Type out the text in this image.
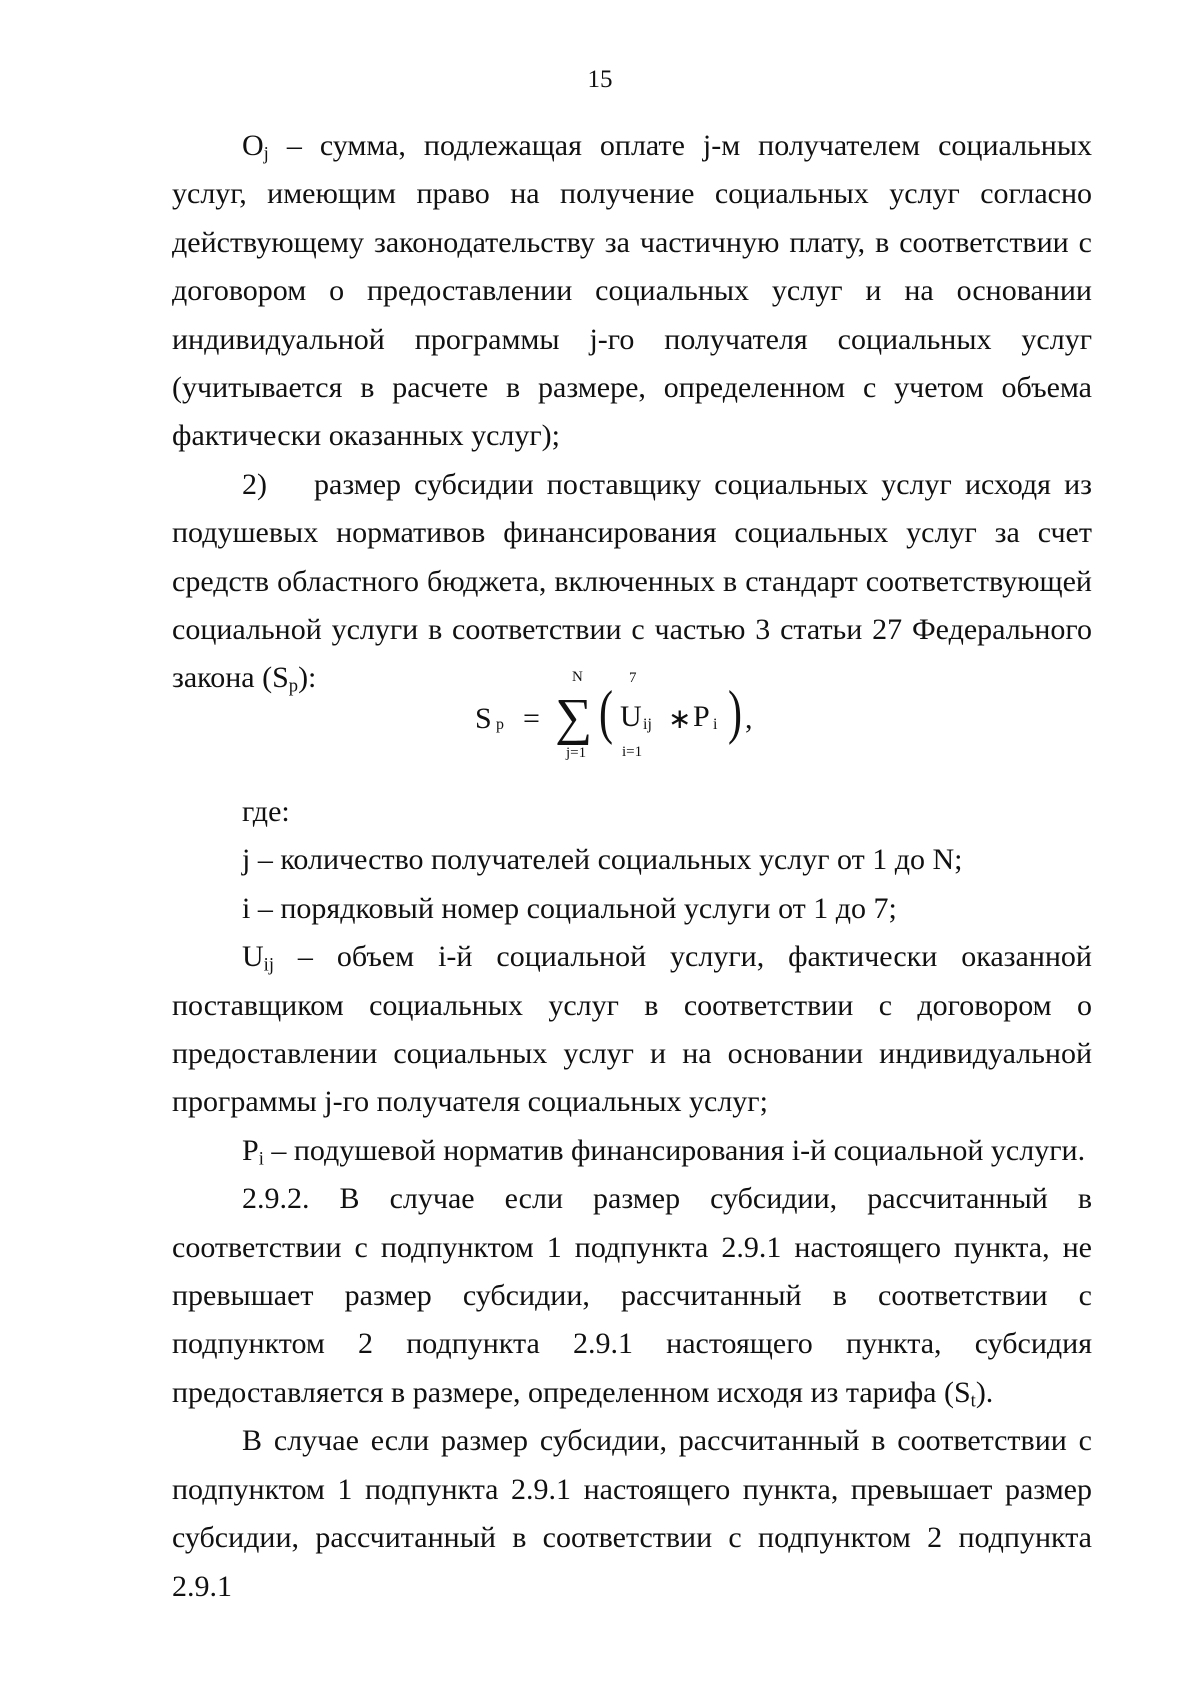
15

$O_j$ – сумма, подлежащая оплате j-м получателем социальных услуг, имеющим право на получение социальных услуг согласно действующему законодательству за частичную плату, в соответствии с договором о предоставлении социальных услуг и на основании индивидуальной программы j-го получателя социальных услуг (учитывается в расчете в размере, определенном с учетом объема фактически оказанных услуг);

2) размер субсидии поставщику социальных услуг исходя из подушевых нормативов финансирования социальных услуг за счет средств областного бюджета, включенных в стандарт соответствующей социальной услуги в соответствии с частью 3 статьи 27 Федерального закона $(S_p)$:

S p =
N
∑
j=1
(
7
U ij
i=1
∗ P i ) ,

где:

j – количество получателей социальных услуг от 1 до N;

i – порядковый номер социальной услуги от 1 до 7;

$U_{ij}$ – объем i-й социальной услуги, фактически оказанной поставщиком социальных услуг в соответствии с договором о предоставлении социальных услуг и на основании индивидуальной программы j-го получателя социальных услуг;

$P_i$ – подушевой норматив финансирования i-й социальной услуги.

2.9.2. В случае если размер субсидии, рассчитанный в соответствии с подпунктом 1 подпункта 2.9.1 настоящего пункта, не превышает размер субсидии, рассчитанный в соответствии с подпунктом 2 подпункта 2.9.1 настоящего пункта, субсидия предоставляется в размере, определенном исходя из тарифа $(S_t)$.

В случае если размер субсидии, рассчитанный в соответствии с подпунктом 1 подпункта 2.9.1 настоящего пункта, превышает размер субсидии, рассчитанный в соответствии с подпунктом 2 подпункта 2.9.1
